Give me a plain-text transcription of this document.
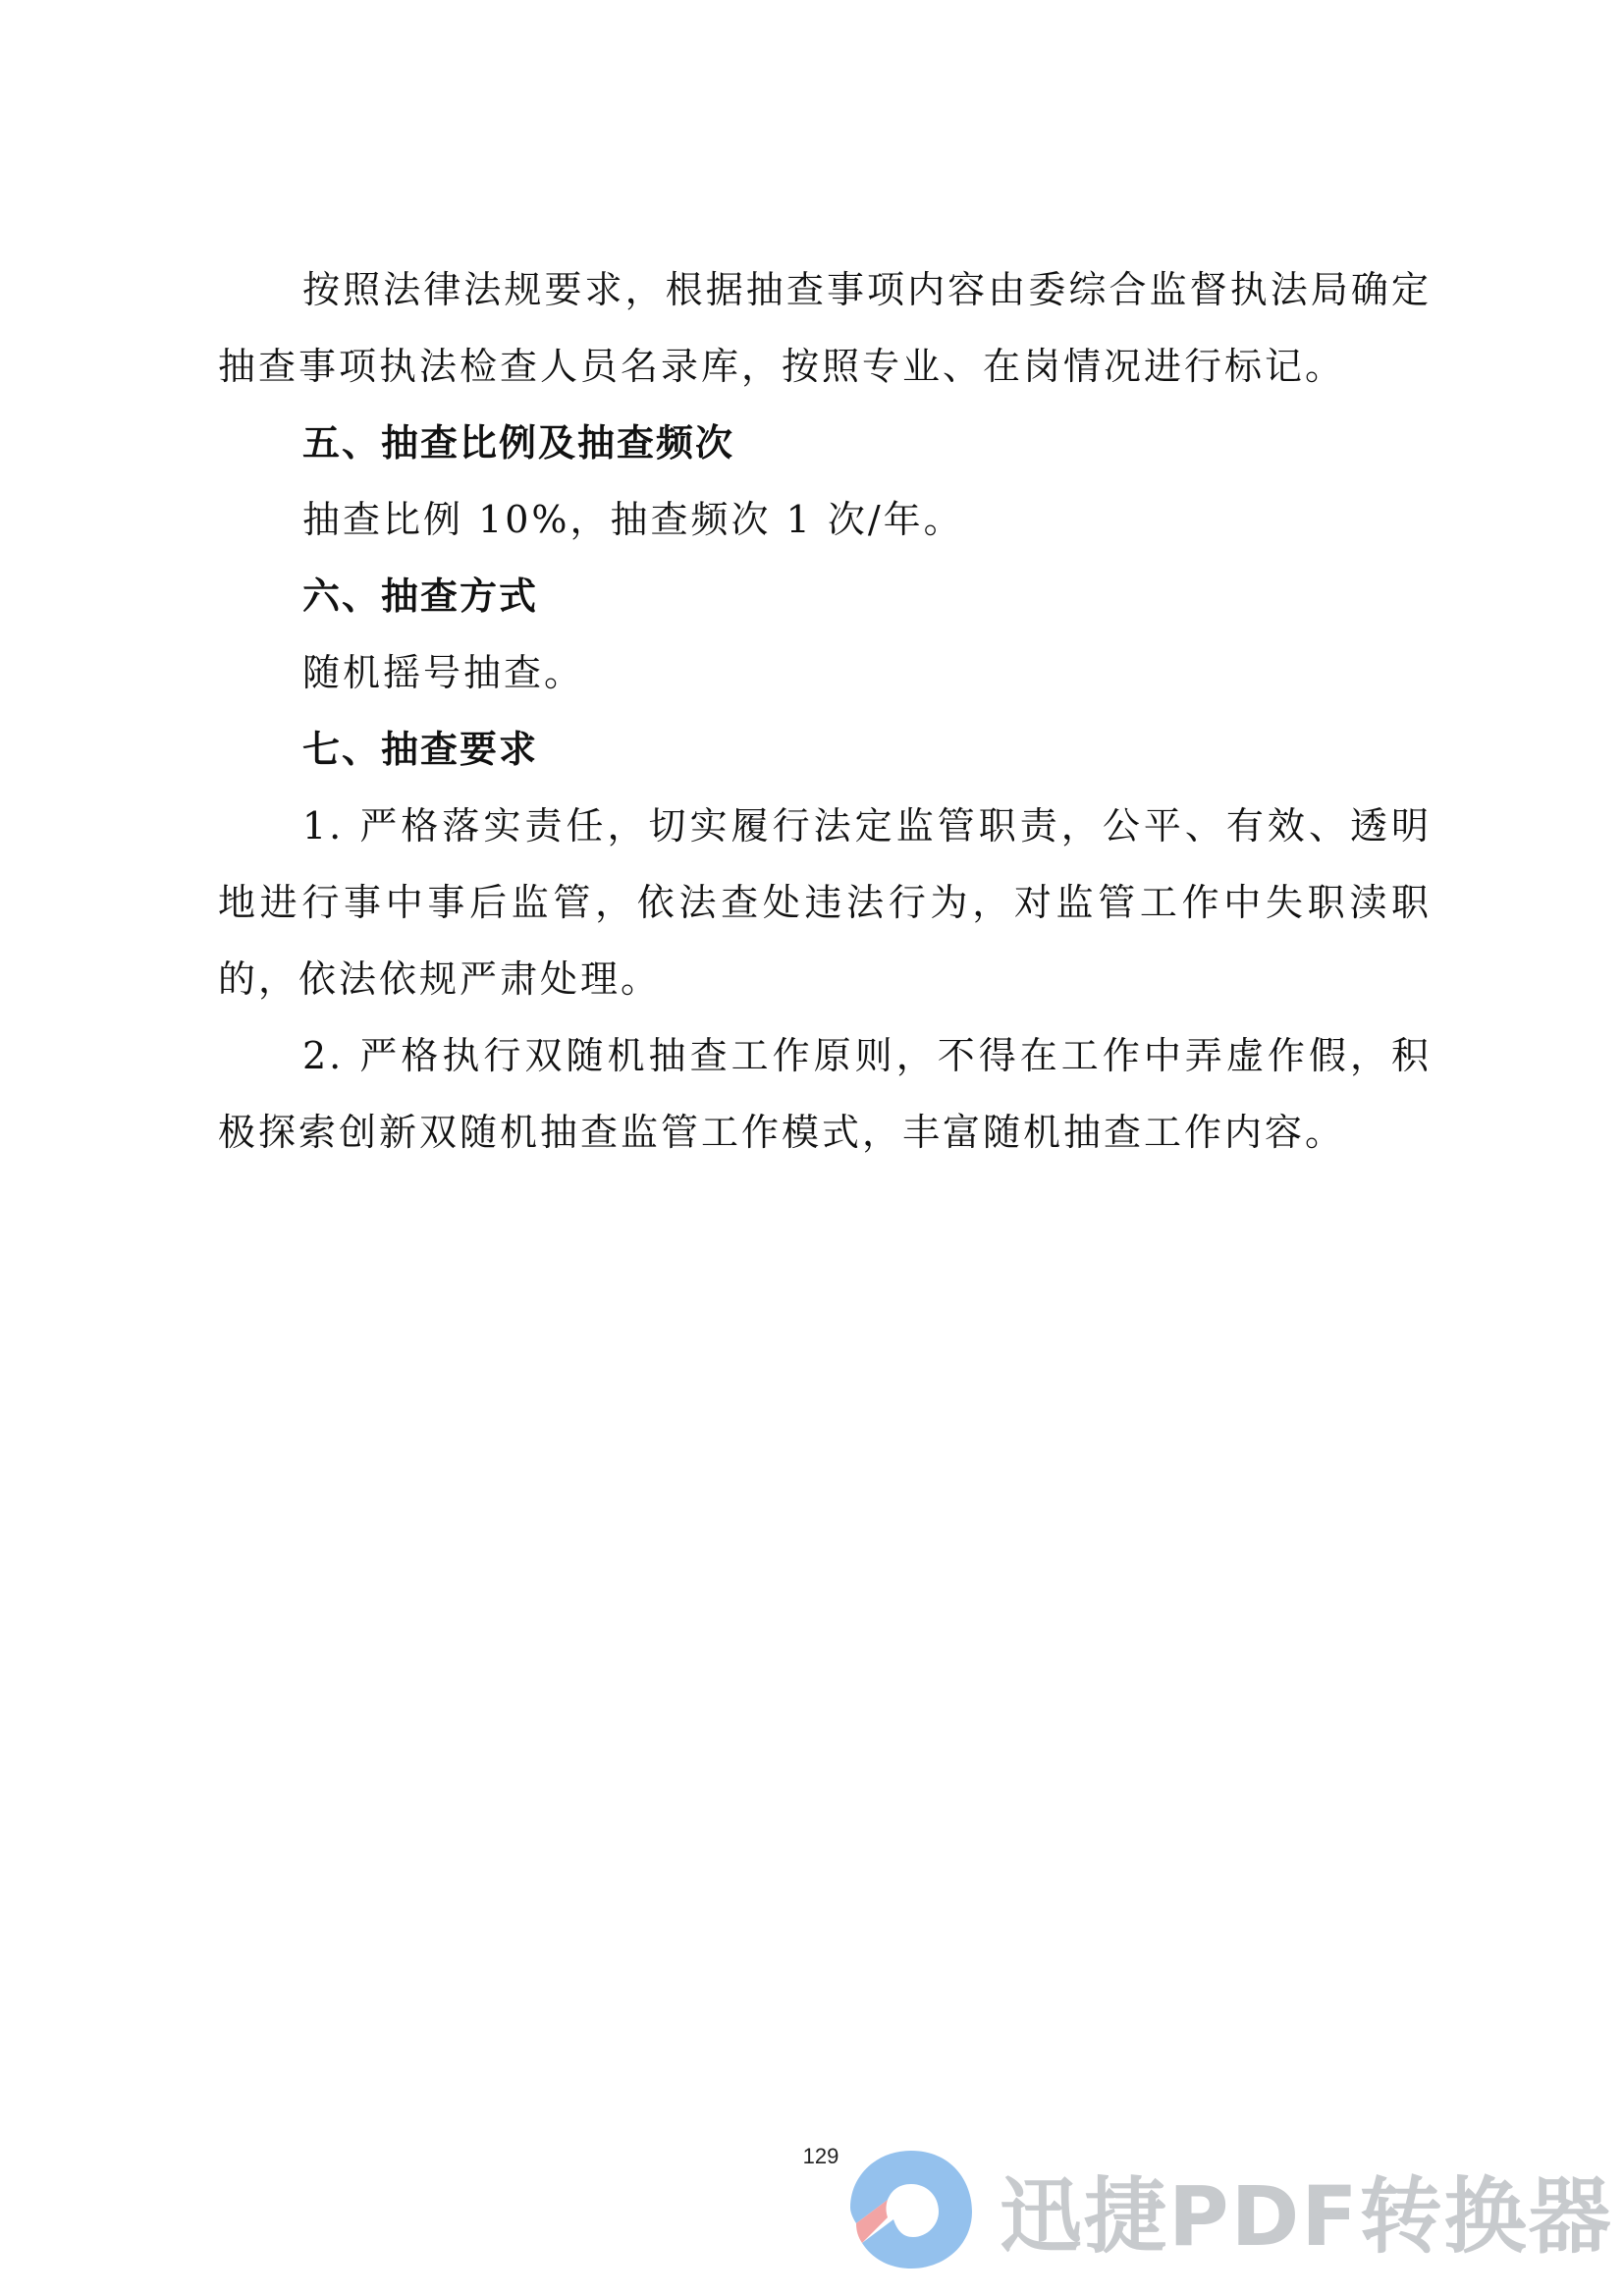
按照法律法规要求，根据抽查事项内容由委综合监督执法局确定抽查事项执法检查人员名录库，按照专业、在岗情况进行标记。

五、抽查比例及抽查频次

抽查比例 10%，抽查频次 1 次/年。

六、抽查方式

随机摇号抽查。

七、抽查要求

1. 严格落实责任，切实履行法定监管职责，公平、有效、透明地进行事中事后监管，依法查处违法行为，对监管工作中失职渎职的，依法依规严肃处理。

2. 严格执行双随机抽查工作原则，不得在工作中弄虚作假，积极探索创新双随机抽查监管工作模式，丰富随机抽查工作内容。

129
迅捷PDF转换器
